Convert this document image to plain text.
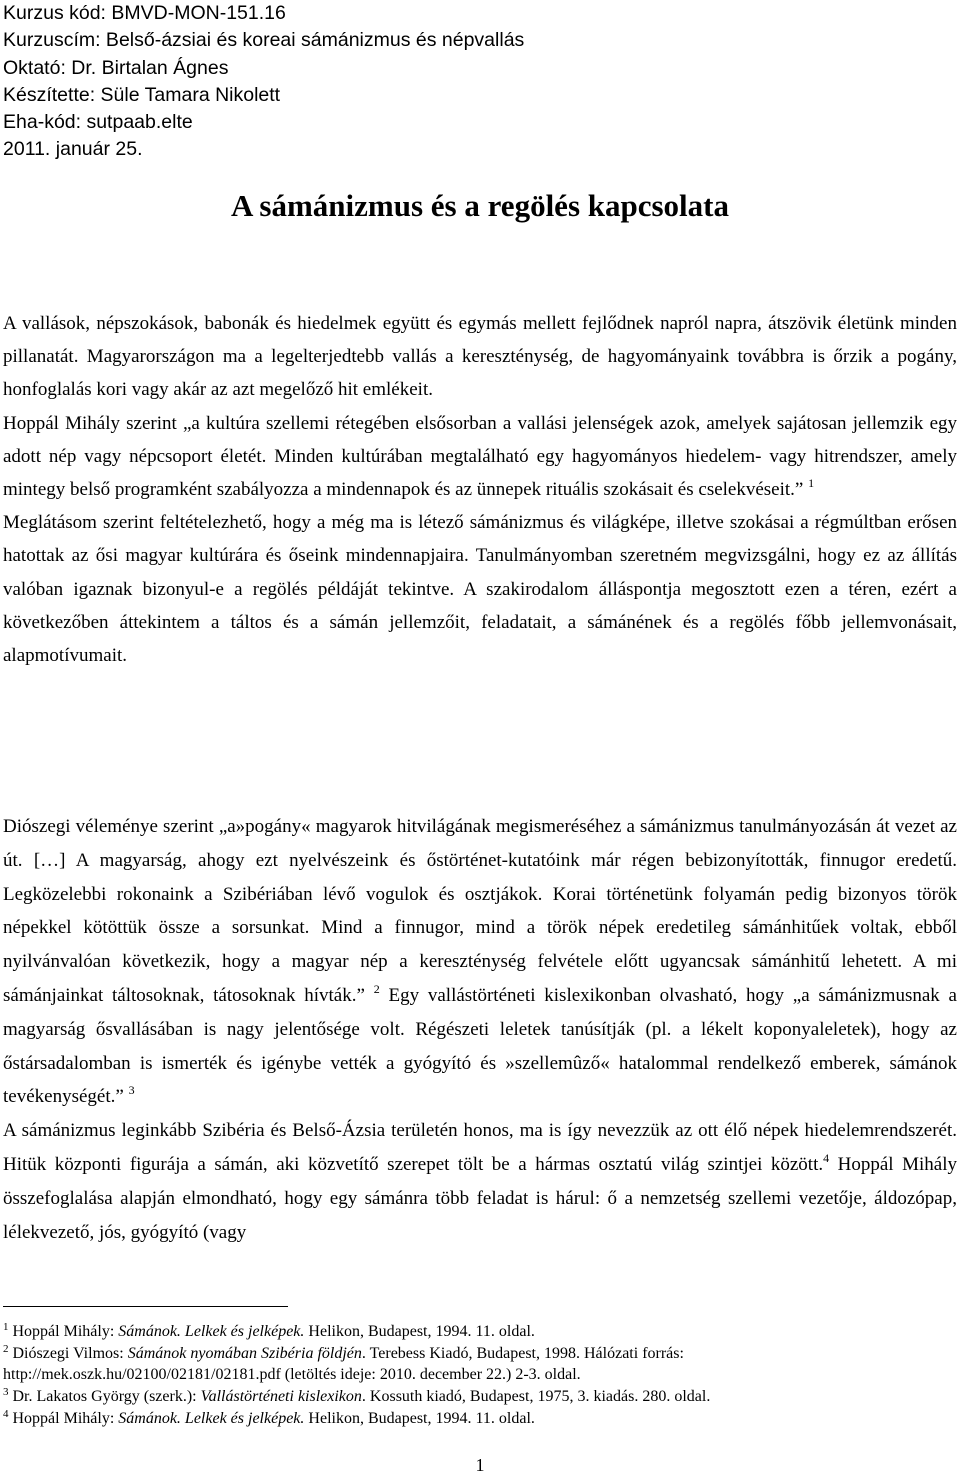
Kurzus kód: BMVD-MON-151.16
Kurzuscím: Belső-ázsiai és koreai sámánizmus és népvallás
Oktató: Dr. Birtalan Ágnes
Készítette: Süle Tamara Nikolett
Eha-kód: sutpaab.elte
2011. január 25.
A sámánizmus és a regölés kapcsolata

A vallások, népszokások, babonák és hiedelmek együtt és egymás mellett fejlődnek napról napra, átszövik életünk minden pillanatát. Magyarországon ma a legelterjedtebb vallás a kereszténység, de hagyományaink továbbra is őrzik a pogány, honfoglalás kori vagy akár az azt megelőző hit emlékeit.

Hoppál Mihály szerint „a kultúra szellemi rétegében elsősorban a vallási jelenségek azok, amelyek sajátosan jellemzik egy adott nép vagy népcsoport életét. Minden kultúrában megtalálható egy hagyományos hiedelem- vagy hitrendszer, amely mintegy belső programként szabályozza a mindennapok és az ünnepek rituális szokásait és cselekvéseit.” $^1$

Meglátásom szerint feltételezhető, hogy a még ma is létező sámánizmus és világképe, illetve szokásai a régmúltban erősen hatottak az ősi magyar kultúrára és őseink mindennapjaira. Tanulmányomban szeretném megvizsgálni, hogy ez az állítás valóban igaznak bizonyul-e a regölés példáját tekintve. A szakirodalom álláspontja megosztott ezen a téren, ezért a következőben áttekintem a táltos és a sámán jellemzőit, feladatait, a sámánének és a regölés főbb jellemvonásait, alapmotívumait.

Diószegi véleménye szerint „a»pogány« magyarok hitvilágának megismeréséhez a sámánizmus tanulmányozásán át vezet az út. […] A magyarság, ahogy ezt nyelvészeink és őstörténet-kutatóink már régen bebizonyították, finnugor eredetű. Legközelebbi rokonaink a Szibériában lévő vogulok és osztjákok. Korai történetünk folyamán pedig bizonyos török népekkel kötöttük össze a sorsunkat. Mind a finnugor, mind a török népek eredetileg sámánhitűek voltak, ebből nyilvánvalóan következik, hogy a magyar nép a kereszténység felvétele előtt ugyancsak sámánhitű lehetett. A mi sámánjainkat táltosoknak, tátosoknak hívták.” $^2$ Egy vallástörténeti kislexikonban olvasható, hogy „a sámánizmusnak a magyarság ősvallásában is nagy jelentősége volt. Régészeti leletek tanúsítják (pl. a lékelt koponyaleletek), hogy az őstársadalomban is ismerték és igénybe vették a gyógyító és »szellemûző« hatalommal rendelkező emberek, sámánok tevékenységét.” $^3$

A sámánizmus leginkább Szibéria és Belső-Ázsia területén honos, ma is így nevezzük az ott élő népek hiedelemrendszerét. Hitük központi figurája a sámán, aki közvetítő szerepet tölt be a hármas osztatú világ szintjei között.$^4$ Hoppál Mihály összefoglalása alapján elmondható, hogy egy sámánra több feladat is hárul: ő a nemzetség szellemi vezetője, áldozópap, lélekvezető, jós, gyógyító (vagy

$^1$ Hoppál Mihály: Sámánok. Lelkek és jelképek. Helikon, Budapest, 1994. 11. oldal.

$^2$ Diószegi Vilmos: Sámánok nyomában Szibéria földjén. Terebess Kiadó, Budapest, 1998. Hálózati forrás: http://mek.oszk.hu/02100/02181/02181.pdf (letöltés ideje: 2010. december 22.) 2-3. oldal.

$^3$ Dr. Lakatos György (szerk.): Vallástörténeti kislexikon. Kossuth kiadó, Budapest, 1975, 3. kiadás. 280. oldal.

$^4$ Hoppál Mihály: Sámánok. Lelkek és jelképek. Helikon, Budapest, 1994. 11. oldal.

1
